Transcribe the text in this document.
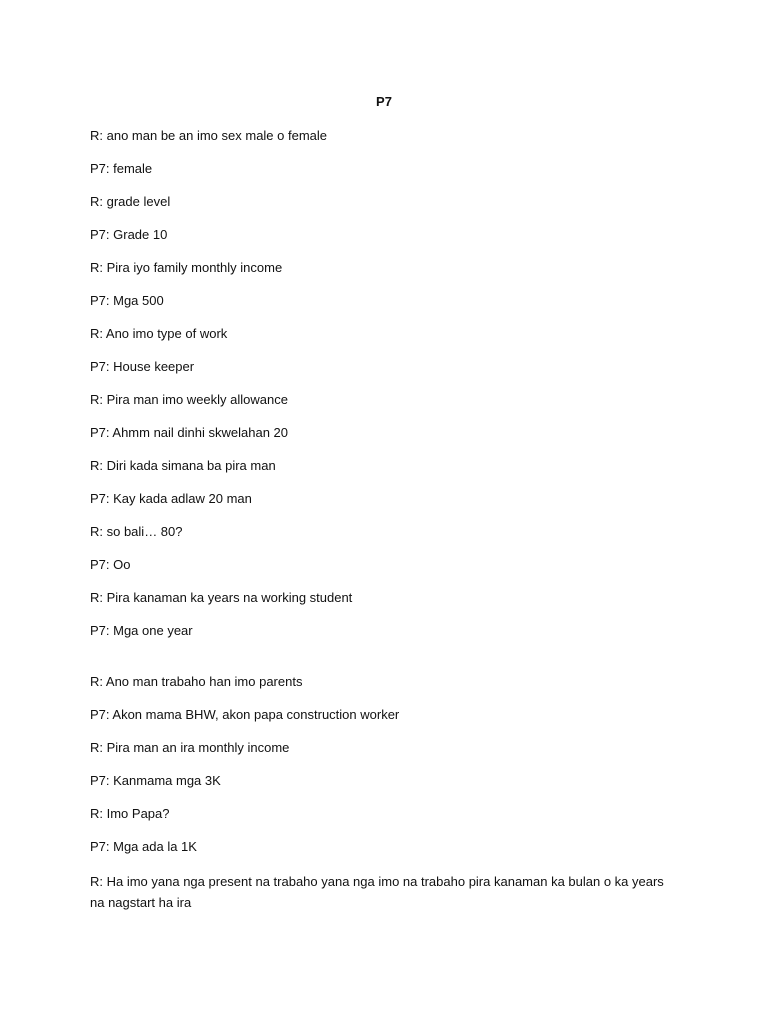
P7
R: ano man be an imo sex male o female
P7: female
R: grade level
P7: Grade 10
R: Pira iyo family monthly income
P7: Mga 500
R: Ano imo type of work
P7: House keeper
R: Pira man imo weekly allowance
P7: Ahmm nail dinhi skwelahan 20
R: Diri kada simana ba pira man
P7: Kay kada adlaw 20 man
R: so bali… 80?
P7: Oo
R: Pira kanaman ka years na working student
P7: Mga one year
R: Ano man trabaho han imo parents
P7: Akon mama BHW, akon papa construction worker
R: Pira man an ira monthly income
P7: Kanmama mga 3K
R: Imo Papa?
P7: Mga ada la 1K
R: Ha imo yana nga present na trabaho yana nga imo na trabaho pira kanaman ka bulan o ka years na nagstart ha ira
